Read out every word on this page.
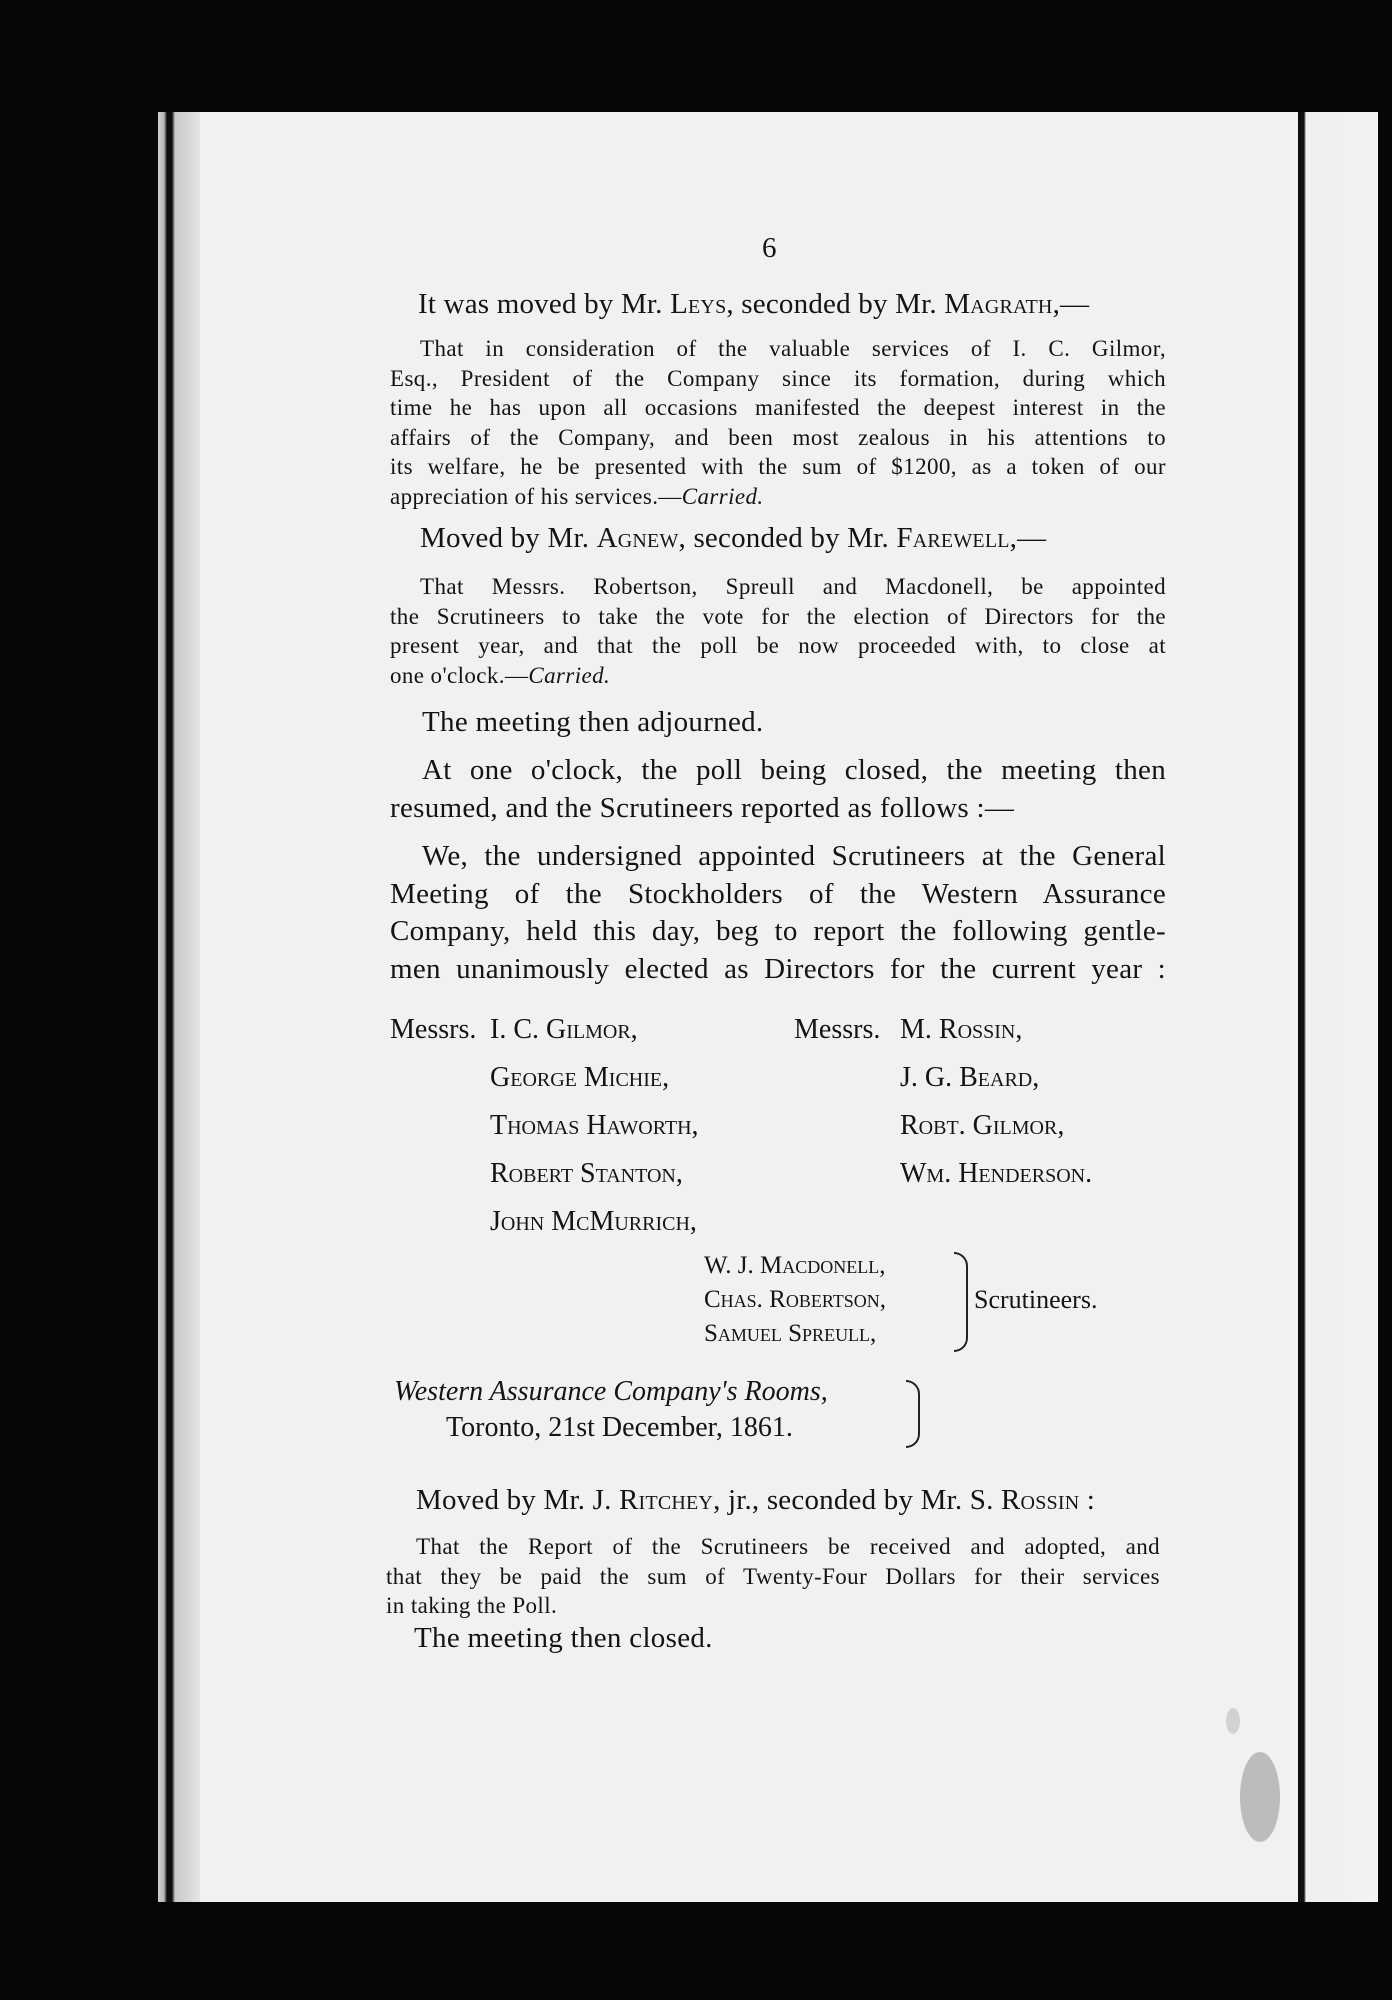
6

It was moved by Mr. Leys, seconded by Mr. Magrath,—

That in consideration of the valuable services of I. C. Gilmor,
Esq., President of the Company since its formation, during which
time he has upon all occasions manifested the deepest interest in the
affairs of the Company, and been most zealous in his attentions to
its welfare, he be presented with the sum of $1200, as a token of our
appreciation of his services.—Carried.

Moved by Mr. Agnew, seconded by Mr. Farewell,—

That Messrs. Robertson, Spreull and Macdonell, be appointed
the Scrutineers to take the vote for the election of Directors for the
present year, and that the poll be now proceeded with, to close at
one o'clock.—Carried.

The meeting then adjourned.

At one o'clock, the poll being closed, the meeting then
resumed, and the Scrutineers reported as follows :—
We, the undersigned appointed Scrutineers at the General
Meeting of the Stockholders of the Western Assurance
Company, held this day, beg to report the following gentle-
men unanimously elected as Directors for the current year :
Messrs. I. C. Gilmor,
George Michie,
Thomas Haworth,
Robert Stanton,
John McMurrich,
Messrs. M. Rossin,
J. G. Beard,
Robt. Gilmor,
Wm. Henderson.
W. J. Macdonell,
Chas. Robertson,
Samuel Spreull,
Scrutineers.
Western Assurance Company's Rooms,
Toronto, 21st December, 1861.

Moved by Mr. J. Ritchey, jr., seconded by Mr. S. Rossin :

That the Report of the Scrutineers be received and adopted, and
that they be paid the sum of Twenty-Four Dollars for their services
in taking the Poll.

The meeting then closed.
